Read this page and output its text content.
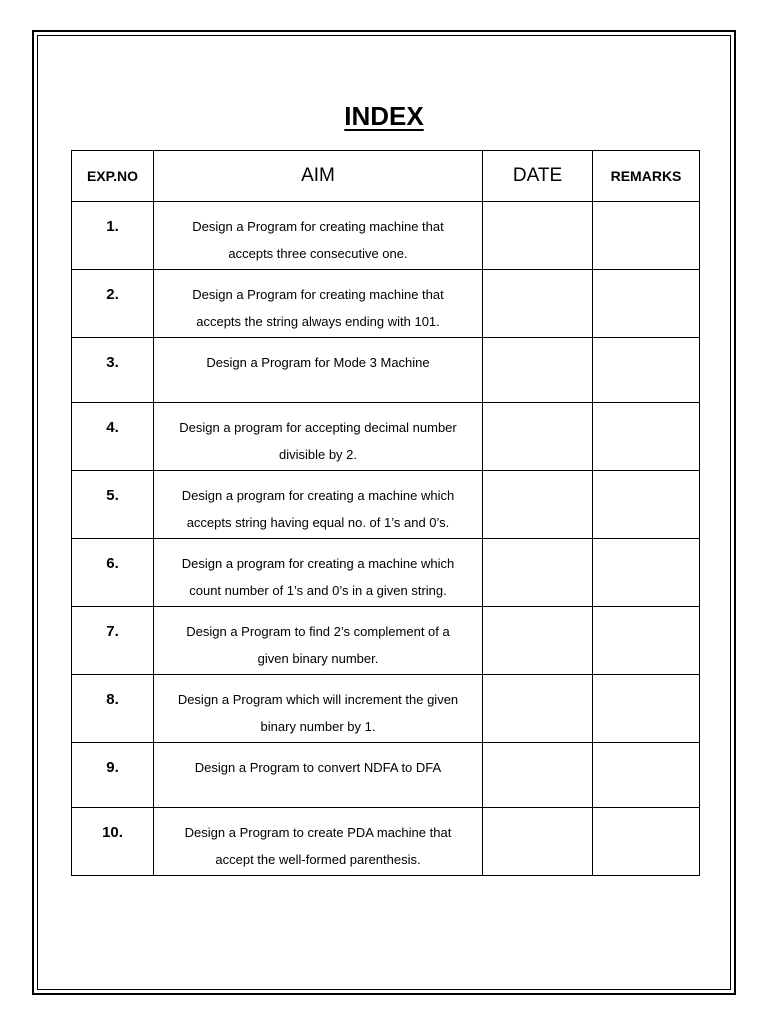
INDEX
EXP.NO	AIM	DATE	REMARKS
1.	Design a Program for creating machine that
accepts three consecutive one.		

2.	Design a Program for creating machine that
accepts the string always ending with 101.		

3.	Design a Program for Mode 3 Machine		

4.	Design a program for accepting decimal number
divisible by 2.		

5.	Design a program for creating a machine which
accepts string having equal no. of 1’s and 0’s.		

6.	Design a program for creating a machine which
count number of 1’s and 0’s in a given string.		

7.	Design a Program to find 2’s complement of a
given binary number.		

8.	Design a Program which will increment the given
binary number by 1.		

9.	Design a Program to convert NDFA to DFA		

10.	Design a Program to create PDA machine that
accept the well-formed parenthesis.		
